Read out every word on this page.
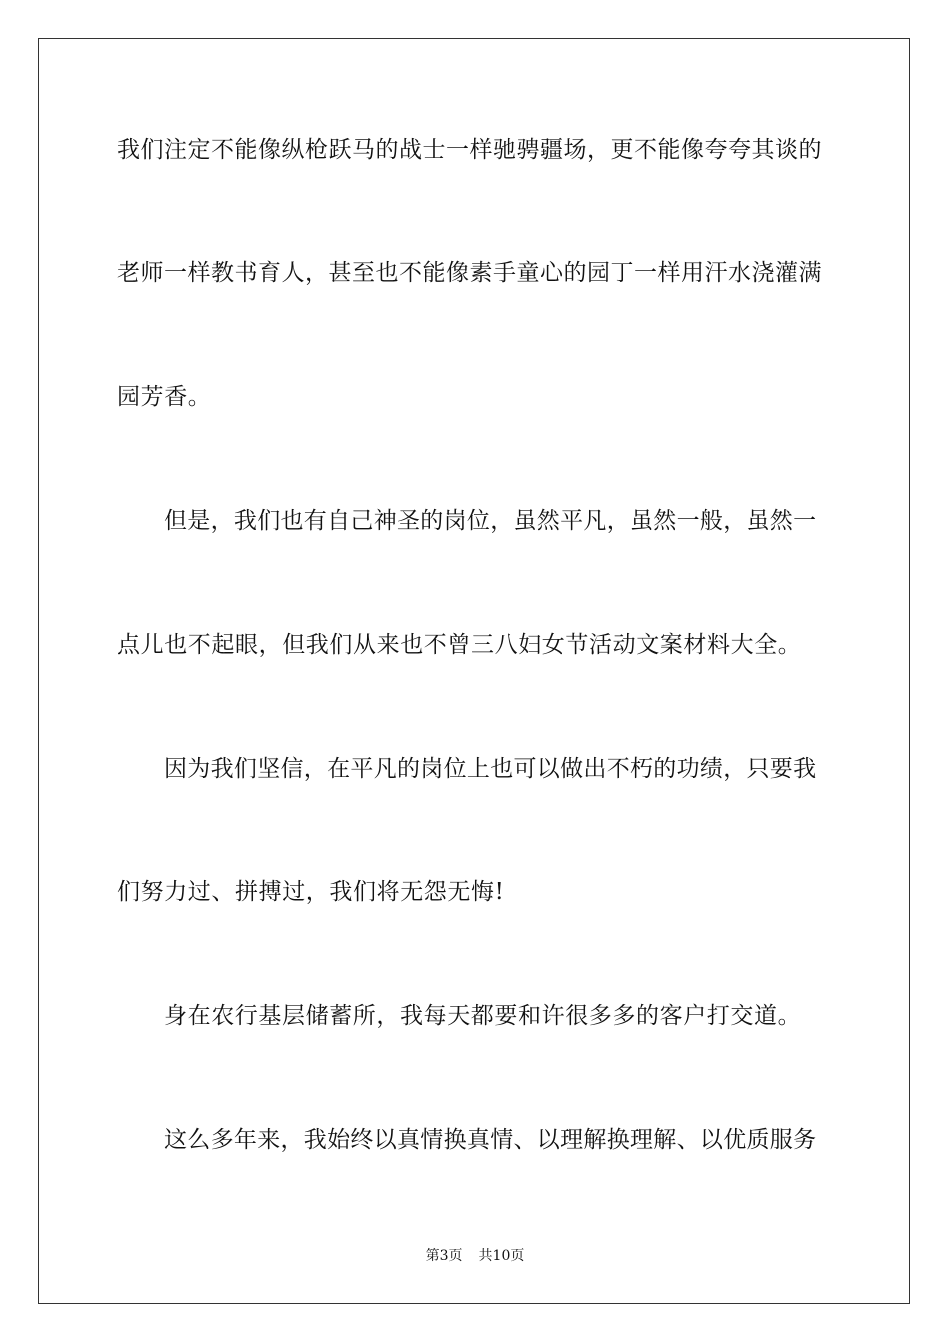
我们注定不能像纵枪跃马的战士一样驰骋疆场，更不能像夸夸其谈的
老师一样教书育人，甚至也不能像素手童心的园丁一样用汗水浇灌满
园芳香。
但是，我们也有自己神圣的岗位，虽然平凡，虽然一般，虽然一
点儿也不起眼，但我们从来也不曾三八妇女节活动文案材料大全。
因为我们坚信，在平凡的岗位上也可以做出不朽的功绩，只要我
们努力过、拼搏过，我们将无怨无悔!
身在农行基层储蓄所，我每天都要和许很多多的客户打交道。
这么多年来，我始终以真情换真情、以理解换理解、以优质服务
第3页 共10页
